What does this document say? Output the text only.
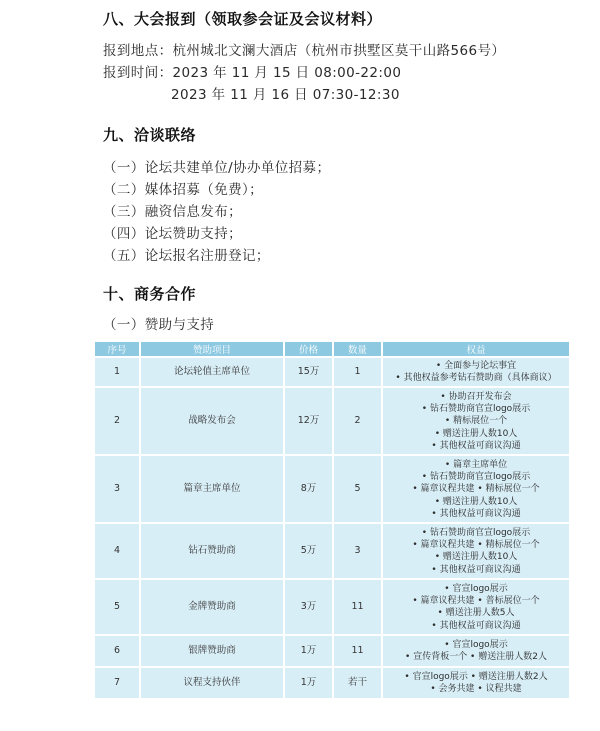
八、大会报到（领取参会证及会议材料）
报到地点：杭州城北文澜大酒店（杭州市拱墅区莫干山路566号）
报到时间：2023 年 11 月 15 日 08:00-22:00
2023 年 11 月 16 日 07:30-12:30
九、洽谈联络
（一）论坛共建单位/协办单位招募；
（二）媒体招募（免费）；
（三）融资信息发布；
（四）论坛赞助支持；
（五）论坛报名注册登记；
十、商务合作
（一）赞助与支持
序号	赞助项目	价格	数量	权益
1	论坛轮值主席单位	15万	1	• 全面参与论坛事宜
• 其他权益参考钻石赞助商（具体商议）

2	战略发布会	12万	2	• 协助召开发布会
• 钻石赞助商官宣logo展示
• 精标展位一个
• 赠送注册人数10人
• 其他权益可商议沟通

3	篇章主席单位	8万	5	• 篇章主席单位
• 钻石赞助商官宣logo展示
• 篇章议程共建 • 精标展位一个
• 赠送注册人数10人
• 其他权益可商议沟通

4	钻石赞助商	5万	3	• 钻石赞助商官宣logo展示
• 篇章议程共建 • 精标展位一个
• 赠送注册人数10人
• 其他权益可商议沟通

5	金牌赞助商	3万	11	• 官宣logo展示
• 篇章议程共建 • 普标展位一个
• 赠送注册人数5人
• 其他权益可商议沟通

6	银牌赞助商	1万	11	• 官宣logo展示
• 宣传背板一个 • 赠送注册人数2人

7	议程支持伙伴	1万	若干	• 官宣logo展示 • 赠送注册人数2人
• 会务共建 • 议程共建
